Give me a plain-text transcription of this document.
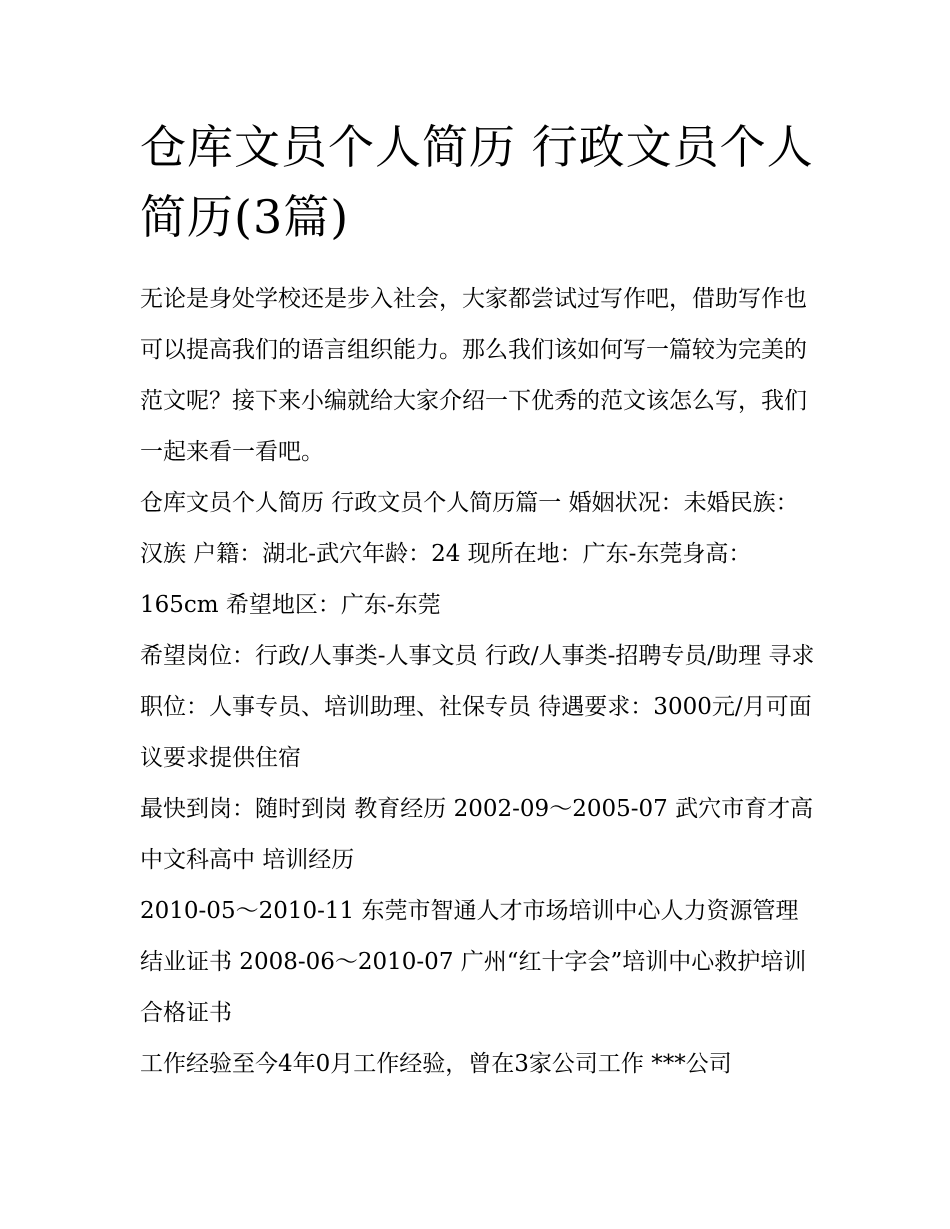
仓库文员个人简历 行政文员个人简历(3篇)

无论是身处学校还是步入社会，大家都尝试过写作吧，借助写作也可以提高我们的语言组织能力。那么我们该如何写一篇较为完美的范文呢？接下来小编就给大家介绍一下优秀的范文该怎么写，我们一起来看一看吧。

仓库文员个人简历 行政文员个人简历篇一 婚姻状况：未婚民族：汉族 户籍：湖北-武穴年龄：24 现所在地：广东-东莞身高：165cm 希望地区：广东-东莞

希望岗位：行政/人事类-人事文员 行政/人事类-招聘专员/助理 寻求职位：人事专员、培训助理、社保专员 待遇要求：3000元/月可面议要求提供住宿

最快到岗：随时到岗 教育经历 2002-09～2005-07 武穴市育才高中文科高中 培训经历

2010-05～2010-11 东莞市智通人才市场培训中心人力资源管理结业证书 2008-06～2010-07 广州“红十字会”培训中心救护培训合格证书

工作经验至今4年0月工作经验，曾在3家公司工作 ***公司
